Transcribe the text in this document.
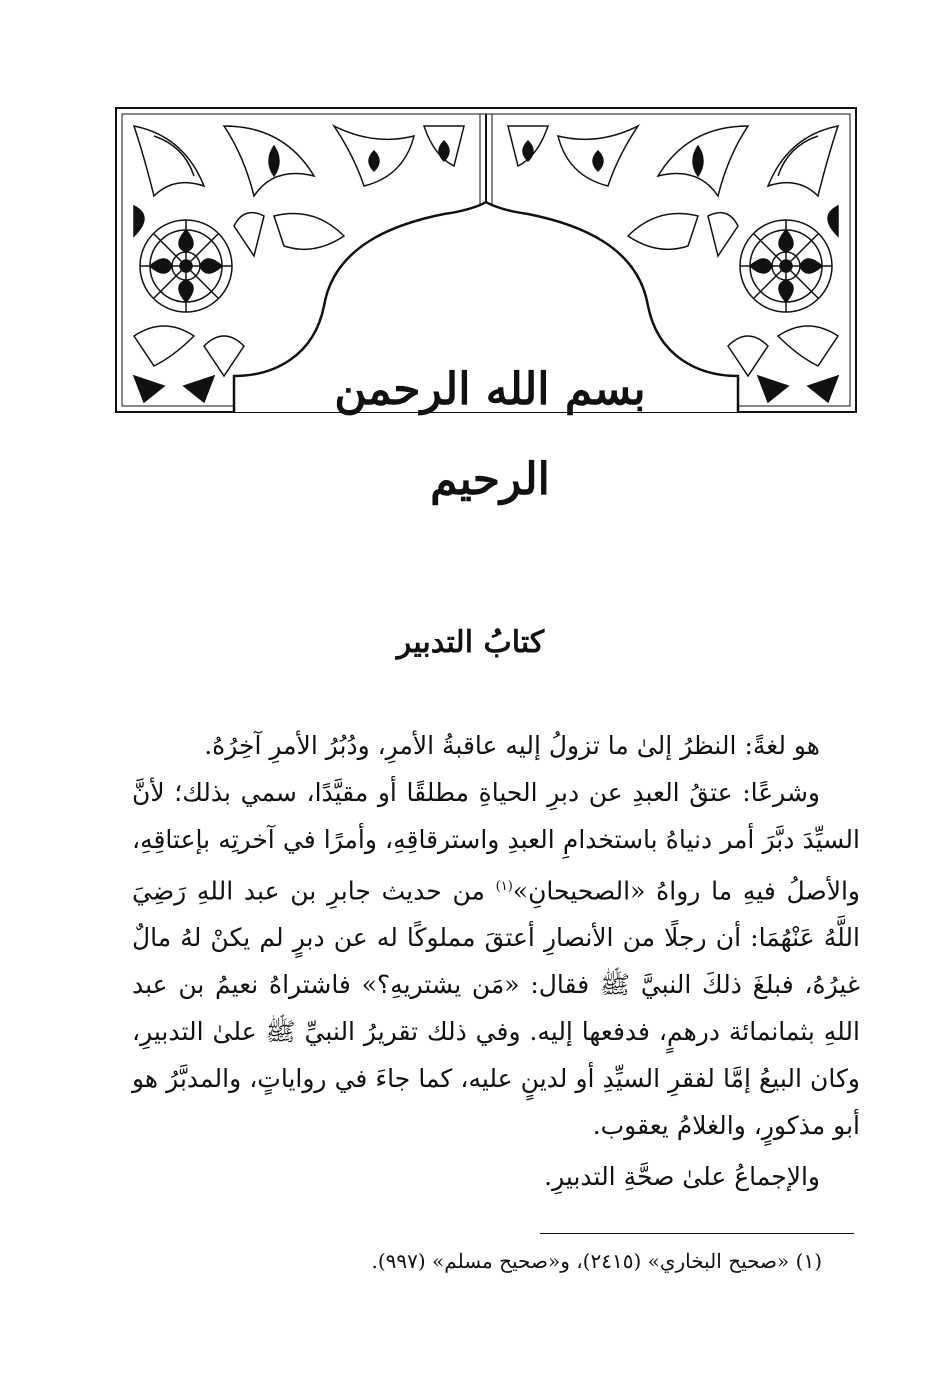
بسم الله الرحمن الرحيم
كتابُ التدبير

هو لغةً: النظرُ إلىٰ ما تزولُ إليه عاقبةُ الأمرِ، ودُبُرُ الأمرِ آخِرُهُ.

وشرعًا: عتقُ العبدِ عن دبرِ الحياةِ مطلقًا أو مقيَّدًا، سمي بذلك؛ لأنَّ السيِّدَ دبَّرَ أمر دنياهُ باستخدامِ العبدِ واسترقاقِهِ، وأمرًا في آخرتِه بإعتاقِهِ، والأصلُ فيهِ ما رواهُ «الصحيحانِ»$^{(١)}$ من حديث جابرِ بن عبد اللهِ رَضِيَ اللَّهُ عَنْهُمَا: أن رجلًا من الأنصارِ أعتقَ مملوكًا له عن دبرٍ لم يكنْ لهُ مالٌ غيرُهُ، فبلغَ ذلكَ النبيَّ ﷺ فقال: «مَن يشتريهِ؟» فاشتراهُ نعيمُ بن عبد اللهِ بثمانمائة درهمٍ، فدفعها إليه. وفي ذلك تقريرُ النبيِّ ﷺ علىٰ التدبيرِ، وكان البيعُ إمَّا لفقرِ السيِّدِ أو لدينٍ عليه، كما جاءَ في رواياتٍ، والمدبَّرُ هو أبو مذكورٍ، والغلامُ يعقوب.

والإجماعُ علىٰ صحَّةِ التدبيرِ.

(١) «صحيح البخاري» (٢٤١٥)، و«صحيح مسلم» (٩٩٧).
